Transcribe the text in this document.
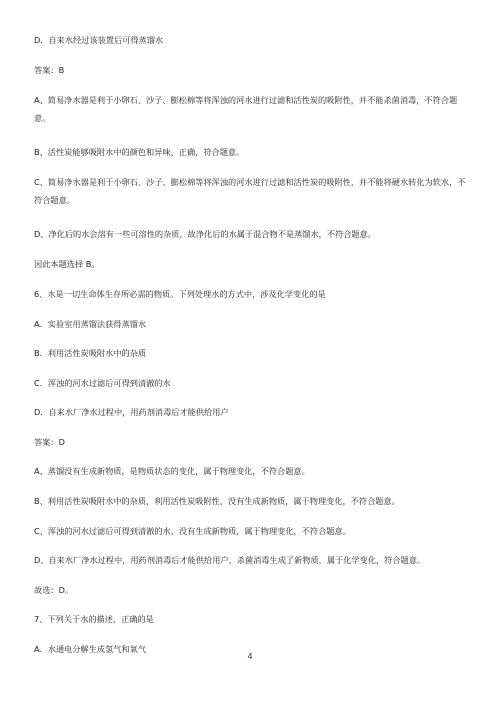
D．自来水经过该装置后可得蒸馏水
答案：B
A、简易净水器是利于小卵石、沙子、膨松棉等将浑浊的河水进行过滤和活性炭的吸附性，并不能杀菌消毒，不符合题意。
B、活性炭能够吸附水中的颜色和异味，正确，符合题意。
C、简易净水器是利于小卵石、沙子、膨松棉等将浑浊的河水进行过滤和活性炭的吸附性，并不能将硬水转化为软水，不符合题意。
D、净化后的水会溶有一些可溶性的杂质，故净化后的水属于混合物不是蒸馏水，不符合题意。
因此本题选择 B。
6、水是一切生命体生存所必需的物质。下列处理水的方式中，涉及化学变化的是
A．实验室用蒸馏法获得蒸馏水
B．利用活性炭吸附水中的杂质
C．浑浊的河水过滤后可得到清澈的水
D．自来水厂净水过程中，用药剂消毒后才能供给用户
答案：D
A、蒸馏没有生成新物质，是物质状态的变化，属于物理变化，不符合题意。
B、利用活性炭吸附水中的杂质，利用活性炭吸附性，没有生成新物质，属于物理变化，不符合题意。
C、浑浊的河水过滤后可得到清澈的水，没有生成新物质，属于物理变化，不符合题意。
D、自来水厂净水过程中，用药剂消毒后才能供给用户，杀菌消毒生成了新物质，属于化学变化，符合题意。
故选：D。
7、下列关于水的描述，正确的是
A．水通电分解生成氢气和氧气
4
